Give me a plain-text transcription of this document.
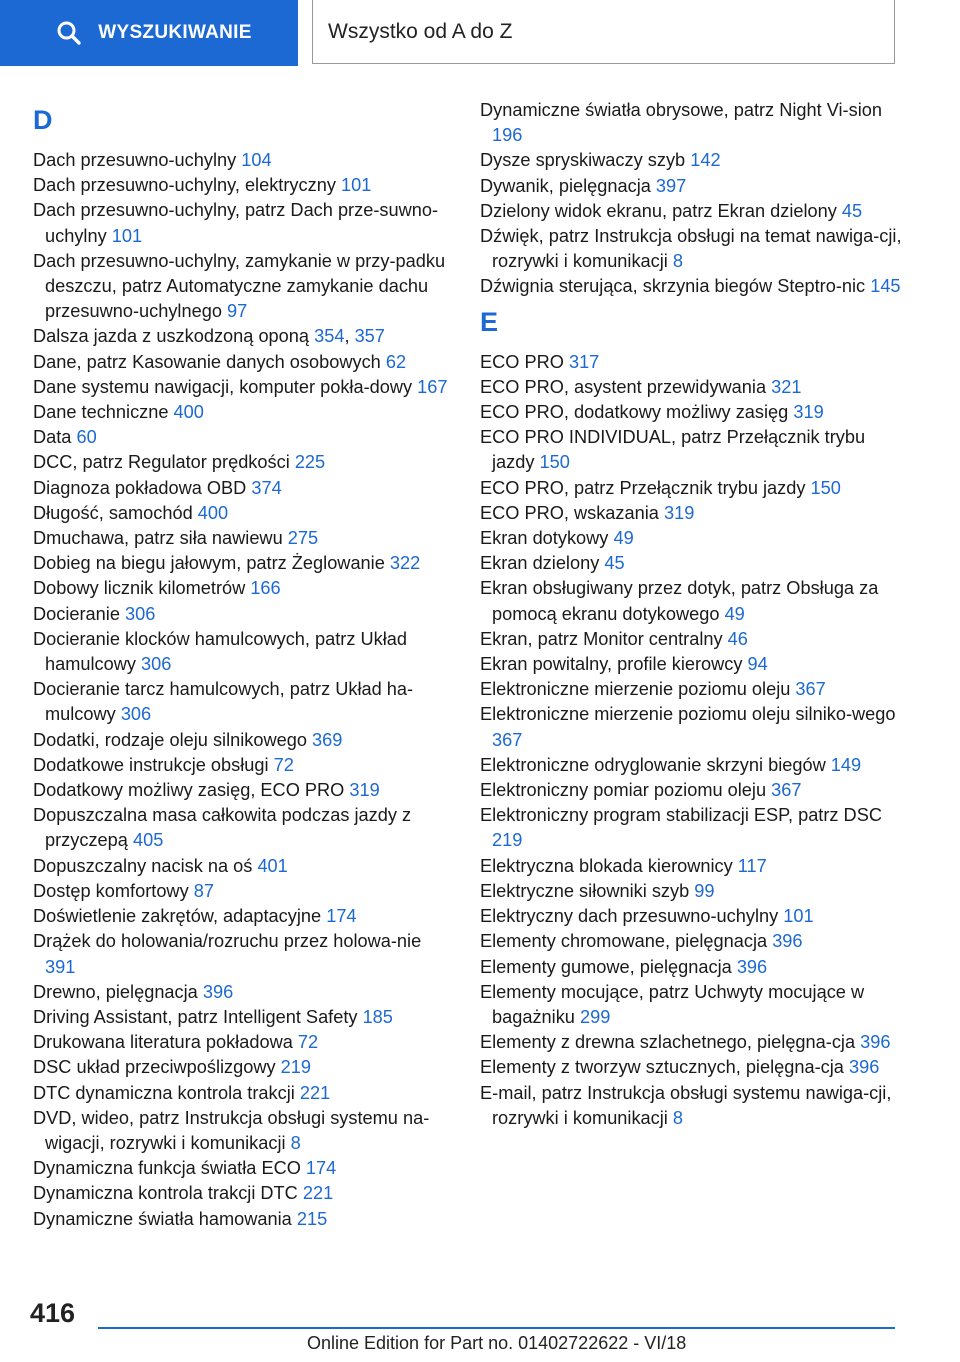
WYSZUKIWANIE	Wszystko od A do Z
D
Dach przesuwno-uchylny 104
Dach przesuwno-uchylny, elektryczny 101
Dach przesuwno-uchylny, patrz Dach prze-suwno-uchylny 101
Dach przesuwno-uchylny, zamykanie w przy-padku deszczu, patrz Automatyczne zamykanie dachu przesuwno-uchylnego 97
Dalsza jazda z uszkodzoną oponą 354, 357
Dane, patrz Kasowanie danych osobowych 62
Dane systemu nawigacji, komputer pokła-dowy 167
Dane techniczne 400
Data 60
DCC, patrz Regulator prędkości 225
Diagnoza pokładowa OBD 374
Długość, samochód 400
Dmuchawa, patrz siła nawiewu 275
Dobieg na biegu jałowym, patrz Żeglowanie 322
Dobowy licznik kilometrów 166
Docieranie 306
Docieranie klocków hamulcowych, patrz Układ hamulcowy 306
Docieranie tarcz hamulcowych, patrz Układ ha-mulcowy 306
Dodatki, rodzaje oleju silnikowego 369
Dodatkowe instrukcje obsługi 72
Dodatkowy możliwy zasięg, ECO PRO 319
Dopuszczalna masa całkowita podczas jazdy z przyczepą 405
Dopuszczalny nacisk na oś 401
Dostęp komfortowy 87
Doświetlenie zakrętów, adaptacyjne 174
Drążek do holowania/rozruchu przez holowa-nie 391
Drewno, pielęgnacja 396
Driving Assistant, patrz Intelligent Safety 185
Drukowana literatura pokładowa 72
DSC układ przeciwpoślizgowy 219
DTC dynamiczna kontrola trakcji 221
DVD, wideo, patrz Instrukcja obsługi systemu na-wigacji, rozrywki i komunikacji 8
Dynamiczna funkcja światła ECO 174
Dynamiczna kontrola trakcji DTC 221
Dynamiczne światła hamowania 215
Dynamiczne światła obrysowe, patrz Night Vi-sion 196
Dysze spryskiwaczy szyb 142
Dywanik, pielęgnacja 397
Dzielony widok ekranu, patrz Ekran dzielony 45
Dźwięk, patrz Instrukcja obsługi na temat nawiga-cji, rozrywki i komunikacji 8
Dźwignia sterująca, skrzynia biegów Steptro-nic 145
E
ECO PRO 317
ECO PRO, asystent przewidywania 321
ECO PRO, dodatkowy możliwy zasięg 319
ECO PRO INDIVIDUAL, patrz Przełącznik trybu jazdy 150
ECO PRO, patrz Przełącznik trybu jazdy 150
ECO PRO, wskazania 319
Ekran dotykowy 49
Ekran dzielony 45
Ekran obsługiwany przez dotyk, patrz Obsługa za pomocą ekranu dotykowego 49
Ekran, patrz Monitor centralny 46
Ekran powitalny, profile kierowcy 94
Elektroniczne mierzenie poziomu oleju 367
Elektroniczne mierzenie poziomu oleju silniko-wego 367
Elektroniczne odryglowanie skrzyni biegów 149
Elektroniczny pomiar poziomu oleju 367
Elektroniczny program stabilizacji ESP, patrz DSC 219
Elektryczna blokada kierownicy 117
Elektryczne siłowniki szyb 99
Elektryczny dach przesuwno-uchylny 101
Elementy chromowane, pielęgnacja 396
Elementy gumowe, pielęgnacja 396
Elementy mocujące, patrz Uchwyty mocujące w bagażniku 299
Elementy z drewna szlachetnego, pielęgna-cja 396
Elementy z tworzyw sztucznych, pielęgna-cja 396
E-mail, patrz Instrukcja obsługi systemu nawiga-cji, rozrywki i komunikacji 8
416
Online Edition for Part no. 01402722622 - VI/18
